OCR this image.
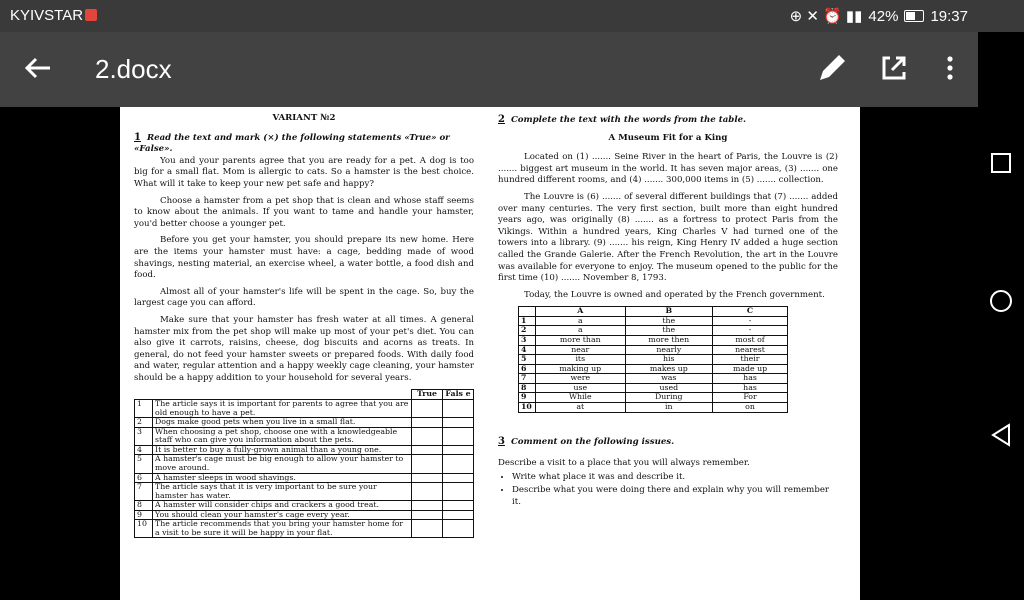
KYIVSTAR	⊕ ✕ ⏰ ▮▮ 42% 19:37
2.docx
VARIANT №2
1 Read the text and mark (×) the following statements «True» or «False».

You and your parents agree that you are ready for a pet. A dog is too big for a small flat. Mom is allergic to cats. So a hamster is the best choice. What will it take to keep your new pet safe and happy?

Choose a hamster from a pet shop that is clean and whose staff seems to know about the animals. If you want to tame and handle your hamster, you'd better choose a younger pet.

Before you get your hamster, you should prepare its new home. Here are the items your hamster must have: a cage, bedding made of wood shavings, nesting material, an exercise wheel, a water bottle, a food dish and food.

Almost all of your hamster's life will be spent in the cage. So, buy the largest cage you can afford.

Make sure that your hamster has fresh water at all times. A general hamster mix from the pet shop will make up most of your pet's diet. You can also give it carrots, raisins, cheese, dog biscuits and acorns as treats. In general, do not feed your hamster sweets or prepared foods. With daily food and water, regular attention and a happy weekly cage cleaning, your hamster should be a happy addition to your household for several years.

		True	Fals e
1	The article says it is important for parents to agree that you are old enough to have a pet.		
2	Dogs make good pets when you live in a small flat.		
3	When choosing a pet shop, choose one with a knowledgeable staff who can give you information about the pets.		
4	It is better to buy a fully-grown animal than a young one.		
5	A hamster's cage must be big enough to allow your hamster to move around.		
6	A hamster sleeps in wood shavings.		
7	The article says that it is very important to be sure your hamster has water.		
8	A hamster will consider chips and crackers a good treat.		
9	You should clean your hamster's cage every year.		
10	The article recommends that you bring your hamster home for a visit to be sure it will be happy in your flat.		
2 Complete the text with the words from the table.
A Museum Fit for a King

Located on (1) ....... Seine River in the heart of Paris, the Louvre is (2) ....... biggest art museum in the world. It has seven major areas, (3) ....... one hundred different rooms, and (4) ....... 300,000 items in (5) ....... collection.

The Louvre is (6) ....... of several different buildings that (7) ....... added over many centuries. The very first section, built more than eight hundred years ago, was originally (8) ....... as a fortress to protect Paris from the Vikings. Within a hundred years, King Charles V had turned one of the towers into a library. (9) ....... his reign, King Henry IV added a huge section called the Grande Galerie. After the French Revolution, the art in the Louvre was available for everyone to enjoy. The museum opened to the public for the first time (10) ....... November 8, 1793.

Today, the Louvre is owned and operated by the French government.

	A	B	C
1	a	the	-
2	a	the	-
3	more than	more then	most of
4	near	nearly	nearest
5	its	his	their
6	making up	makes up	made up
7	were	was	has
8	use	used	has
9	While	During	For
10	at	in	on
3 Comment on the following issues.
Describe a visit to a place that you will always remember.
• Write what place it was and describe it.
• Describe what you were doing there and explain why you will remember it.
